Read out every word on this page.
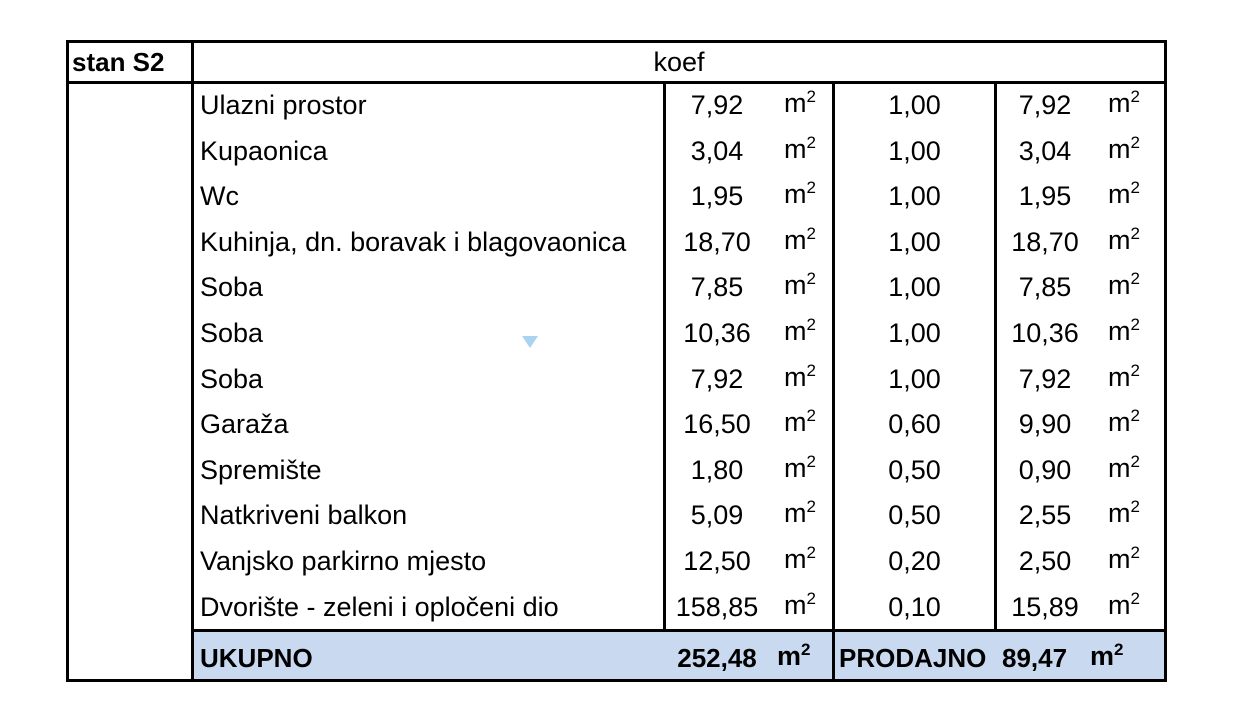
stan S2	koef
Ulazni prostor	7,92	$m^2$	1,00	7,92	$m^2$
Kupaonica	3,04	$m^2$	1,00	3,04	$m^2$
Wc	1,95	$m^2$	1,00	1,95	$m^2$
Kuhinja, dn. boravak i blagovaonica	18,70	$m^2$	1,00	18,70	$m^2$
Soba	7,85	$m^2$	1,00	7,85	$m^2$
Soba	10,36	$m^2$	1,00	10,36	$m^2$
Soba	7,92	$m^2$	1,00	7,92	$m^2$
Garaža	16,50	$m^2$	0,60	9,90	$m^2$
Spremište	1,80	$m^2$	0,50	0,90	$m^2$
Natkriveni balkon	5,09	$m^2$	0,50	2,55	$m^2$
Vanjsko parkirno mjesto	12,50	$m^2$	0,20	2,50	$m^2$
Dvorište - zeleni i opločeni dio	158,85 $m^2$	0,10	15,89	$m^2$
UKUPNO	252,48 $m^2$ PRODAJNO 89,47 $m^2$
